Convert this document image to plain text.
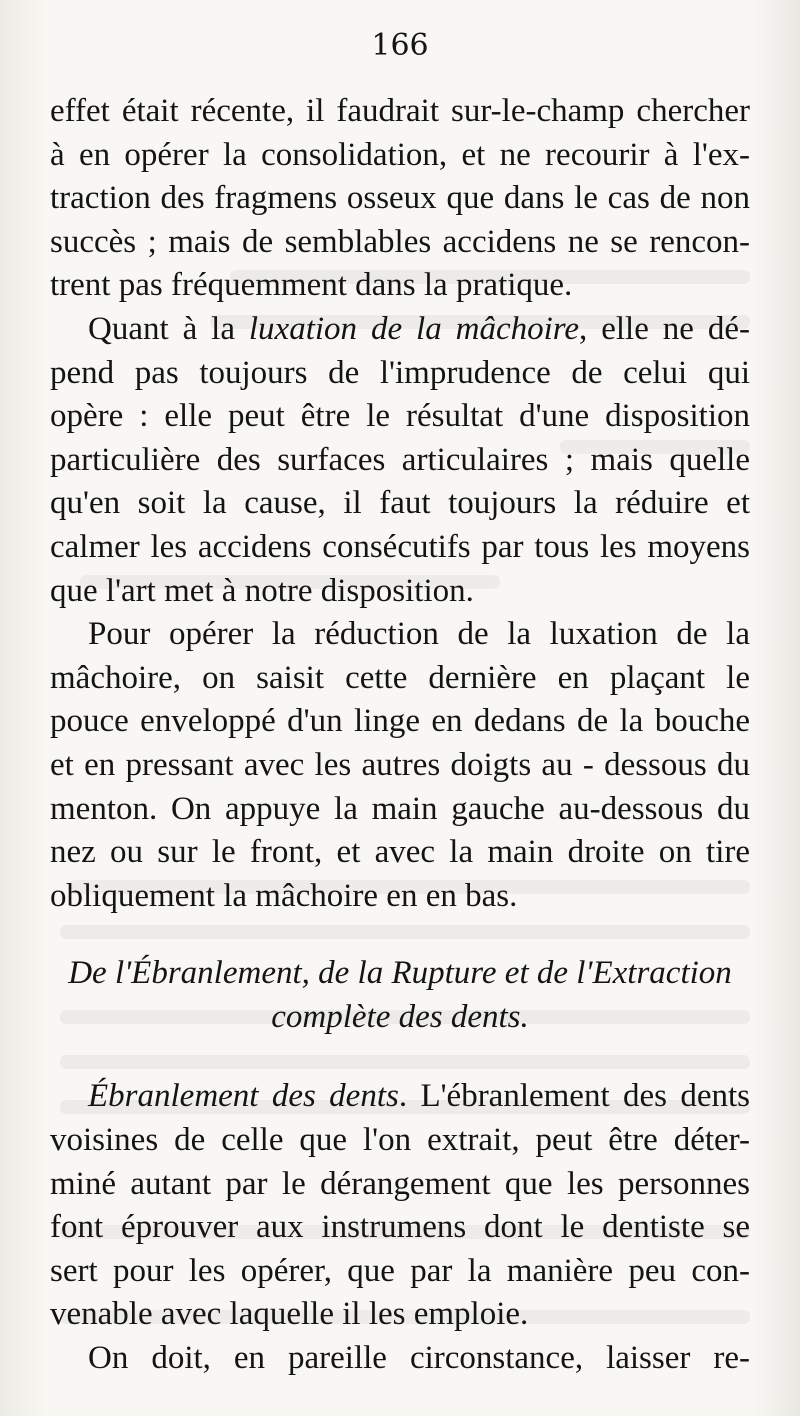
166

effet était récente, il faudrait sur-le-champ chercher
à en opérer la consolidation, et ne recourir à l'ex-
traction des fragmens osseux que dans le cas de non
succès ; mais de semblables accidens ne se rencon-
trent pas fréquemment dans la pratique.

Quant à la luxation de la mâchoire, elle ne dé-
pend pas toujours de l'imprudence de celui qui
opère : elle peut être le résultat d'une disposition
particulière des surfaces articulaires ; mais quelle
qu'en soit la cause, il faut toujours la réduire et
calmer les accidens consécutifs par tous les moyens
que l'art met à notre disposition.

Pour opérer la réduction de la luxation de la
mâchoire, on saisit cette dernière en plaçant le
pouce enveloppé d'un linge en dedans de la bouche
et en pressant avec les autres doigts au - dessous du
menton. On appuye la main gauche au-dessous du
nez ou sur le front, et avec la main droite on tire
obliquement la mâchoire en en bas.

De l'Ébranlement, de la Rupture et de l'Extraction

complète des dents.

Ébranlement des dents. L'ébranlement des dents
voisines de celle que l'on extrait, peut être déter-
miné autant par le dérangement que les personnes
font éprouver aux instrumens dont le dentiste se
sert pour les opérer, que par la manière peu con-
venable avec laquelle il les emploie.

On doit, en pareille circonstance, laisser re-
